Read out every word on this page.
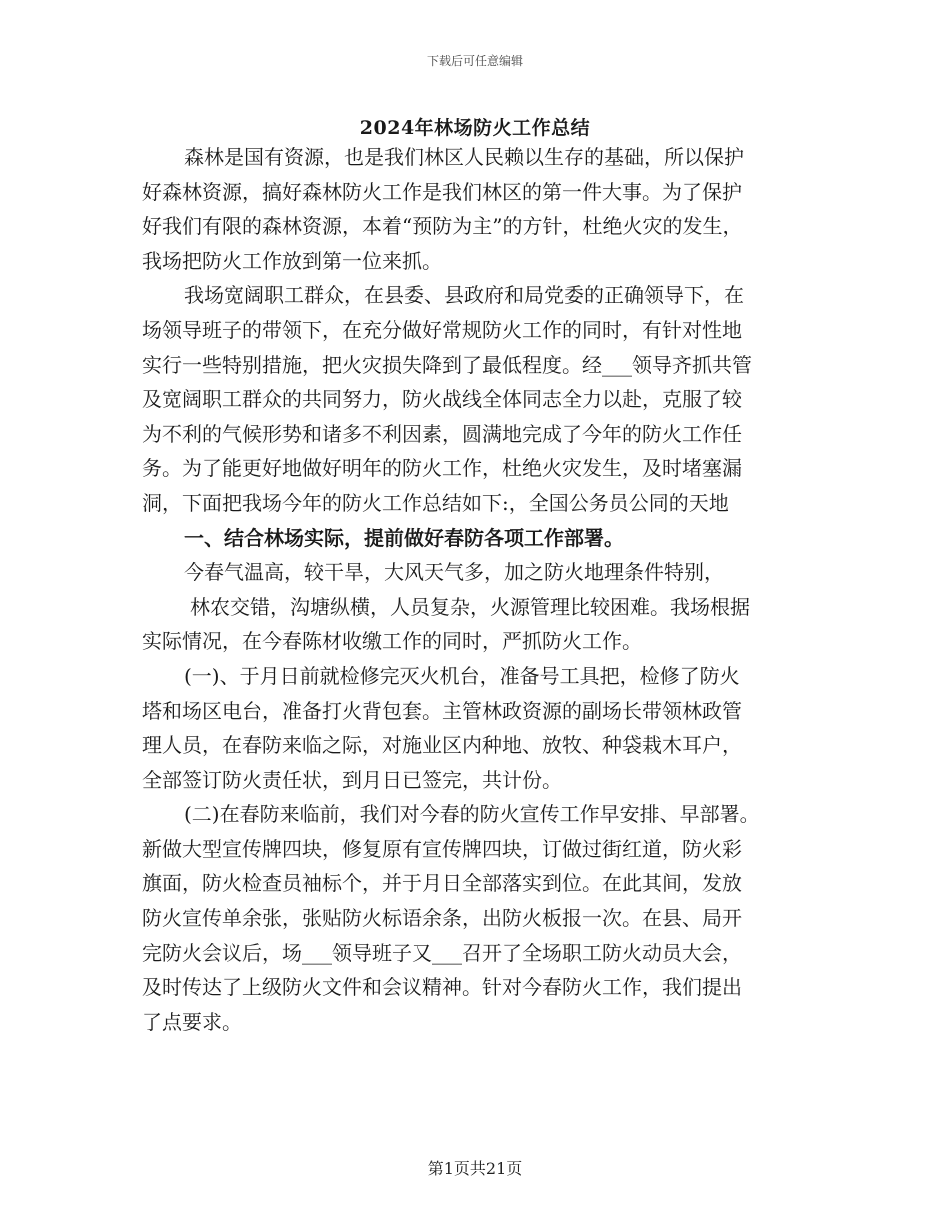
下载后可任意编辑
2024年林场防火工作总结
森林是国有资源，也是我们林区人民赖以生存的基础，所以保护
好森林资源，搞好森林防火工作是我们林区的第一件大事。为了保护
好我们有限的森林资源，本着“预防为主”的方针，杜绝火灾的发生，
我场把防火工作放到第一位来抓。
我场宽阔职工群众，在县委、县政府和局党委的正确领导下，在
场领导班子的带领下，在充分做好常规防火工作的同时，有针对性地
实行一些特别措施，把火灾损失降到了最低程度。经___领导齐抓共管
及宽阔职工群众的共同努力，防火战线全体同志全力以赴，克服了较
为不利的气候形势和诸多不利因素，圆满地完成了今年的防火工作任
务。为了能更好地做好明年的防火工作，杜绝火灾发生，及时堵塞漏
洞，下面把我场今年的防火工作总结如下:，全国公务员公同的天地
一、结合林场实际，提前做好春防各项工作部署。
今春气温高，较干旱，大风天气多，加之防火地理条件特别，
林农交错，沟塘纵横，人员复杂，火源管理比较困难。我场根据
实际情况，在今春陈材收缴工作的同时，严抓防火工作。
(一)、于月日前就检修完灭火机台，准备号工具把，检修了防火
塔和场区电台，准备打火背包套。主管林政资源的副场长带领林政管
理人员，在春防来临之际，对施业区内种地、放牧、种袋栽木耳户，
全部签订防火责任状，到月日已签完，共计份。
(二)在春防来临前，我们对今春的防火宣传工作早安排、早部署。
新做大型宣传牌四块，修复原有宣传牌四块，订做过街红道，防火彩
旗面，防火检查员袖标个，并于月日全部落实到位。在此其间，发放
防火宣传单余张，张贴防火标语余条，出防火板报一次。在县、局开
完防火会议后，场___领导班子又___召开了全场职工防火动员大会，
及时传达了上级防火文件和会议精神。针对今春防火工作，我们提出
了点要求。
第1页共21页
